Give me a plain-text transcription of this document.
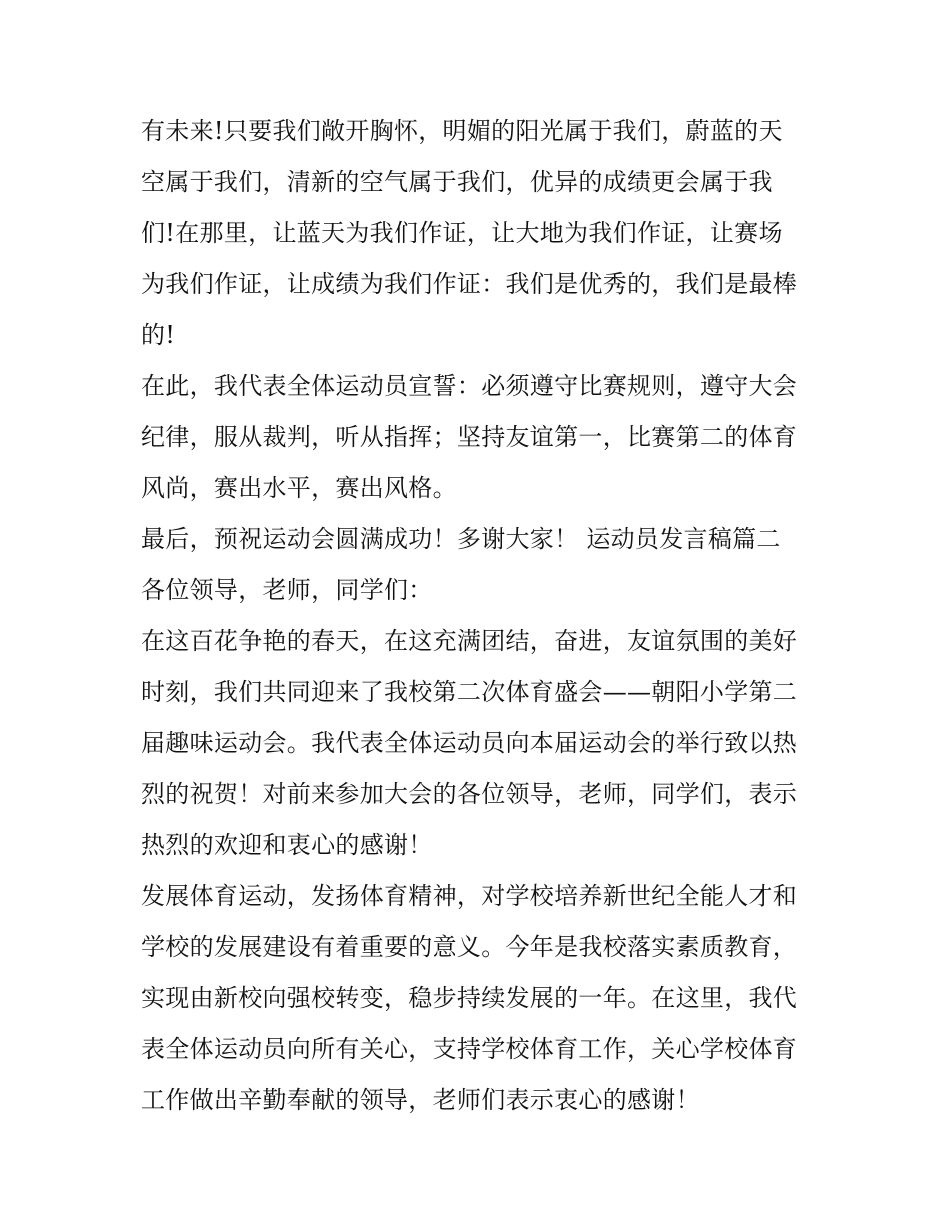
有未来!只要我们敞开胸怀，明媚的阳光属于我们，蔚蓝的天
空属于我们，清新的空气属于我们，优异的成绩更会属于我
们!在那里，让蓝天为我们作证，让大地为我们作证，让赛场
为我们作证，让成绩为我们作证：我们是优秀的，我们是最棒
的!
在此，我代表全体运动员宣誓：必须遵守比赛规则，遵守大会
纪律，服从裁判，听从指挥；坚持友谊第一，比赛第二的体育
风尚，赛出水平，赛出风格。
最后，预祝运动会圆满成功！多谢大家！ 运动员发言稿篇二
各位领导，老师，同学们：
在这百花争艳的春天，在这充满团结，奋进，友谊氛围的美好
时刻，我们共同迎来了我校第二次体育盛会——朝阳小学第二
届趣味运动会。我代表全体运动员向本届运动会的举行致以热
烈的祝贺！对前来参加大会的各位领导，老师，同学们，表示
热烈的欢迎和衷心的感谢！
发展体育运动，发扬体育精神，对学校培养新世纪全能人才和
学校的发展建设有着重要的意义。今年是我校落实素质教育，
实现由新校向强校转变，稳步持续发展的一年。在这里，我代
表全体运动员向所有关心，支持学校体育工作，关心学校体育
工作做出辛勤奉献的领导，老师们表示衷心的感谢！
